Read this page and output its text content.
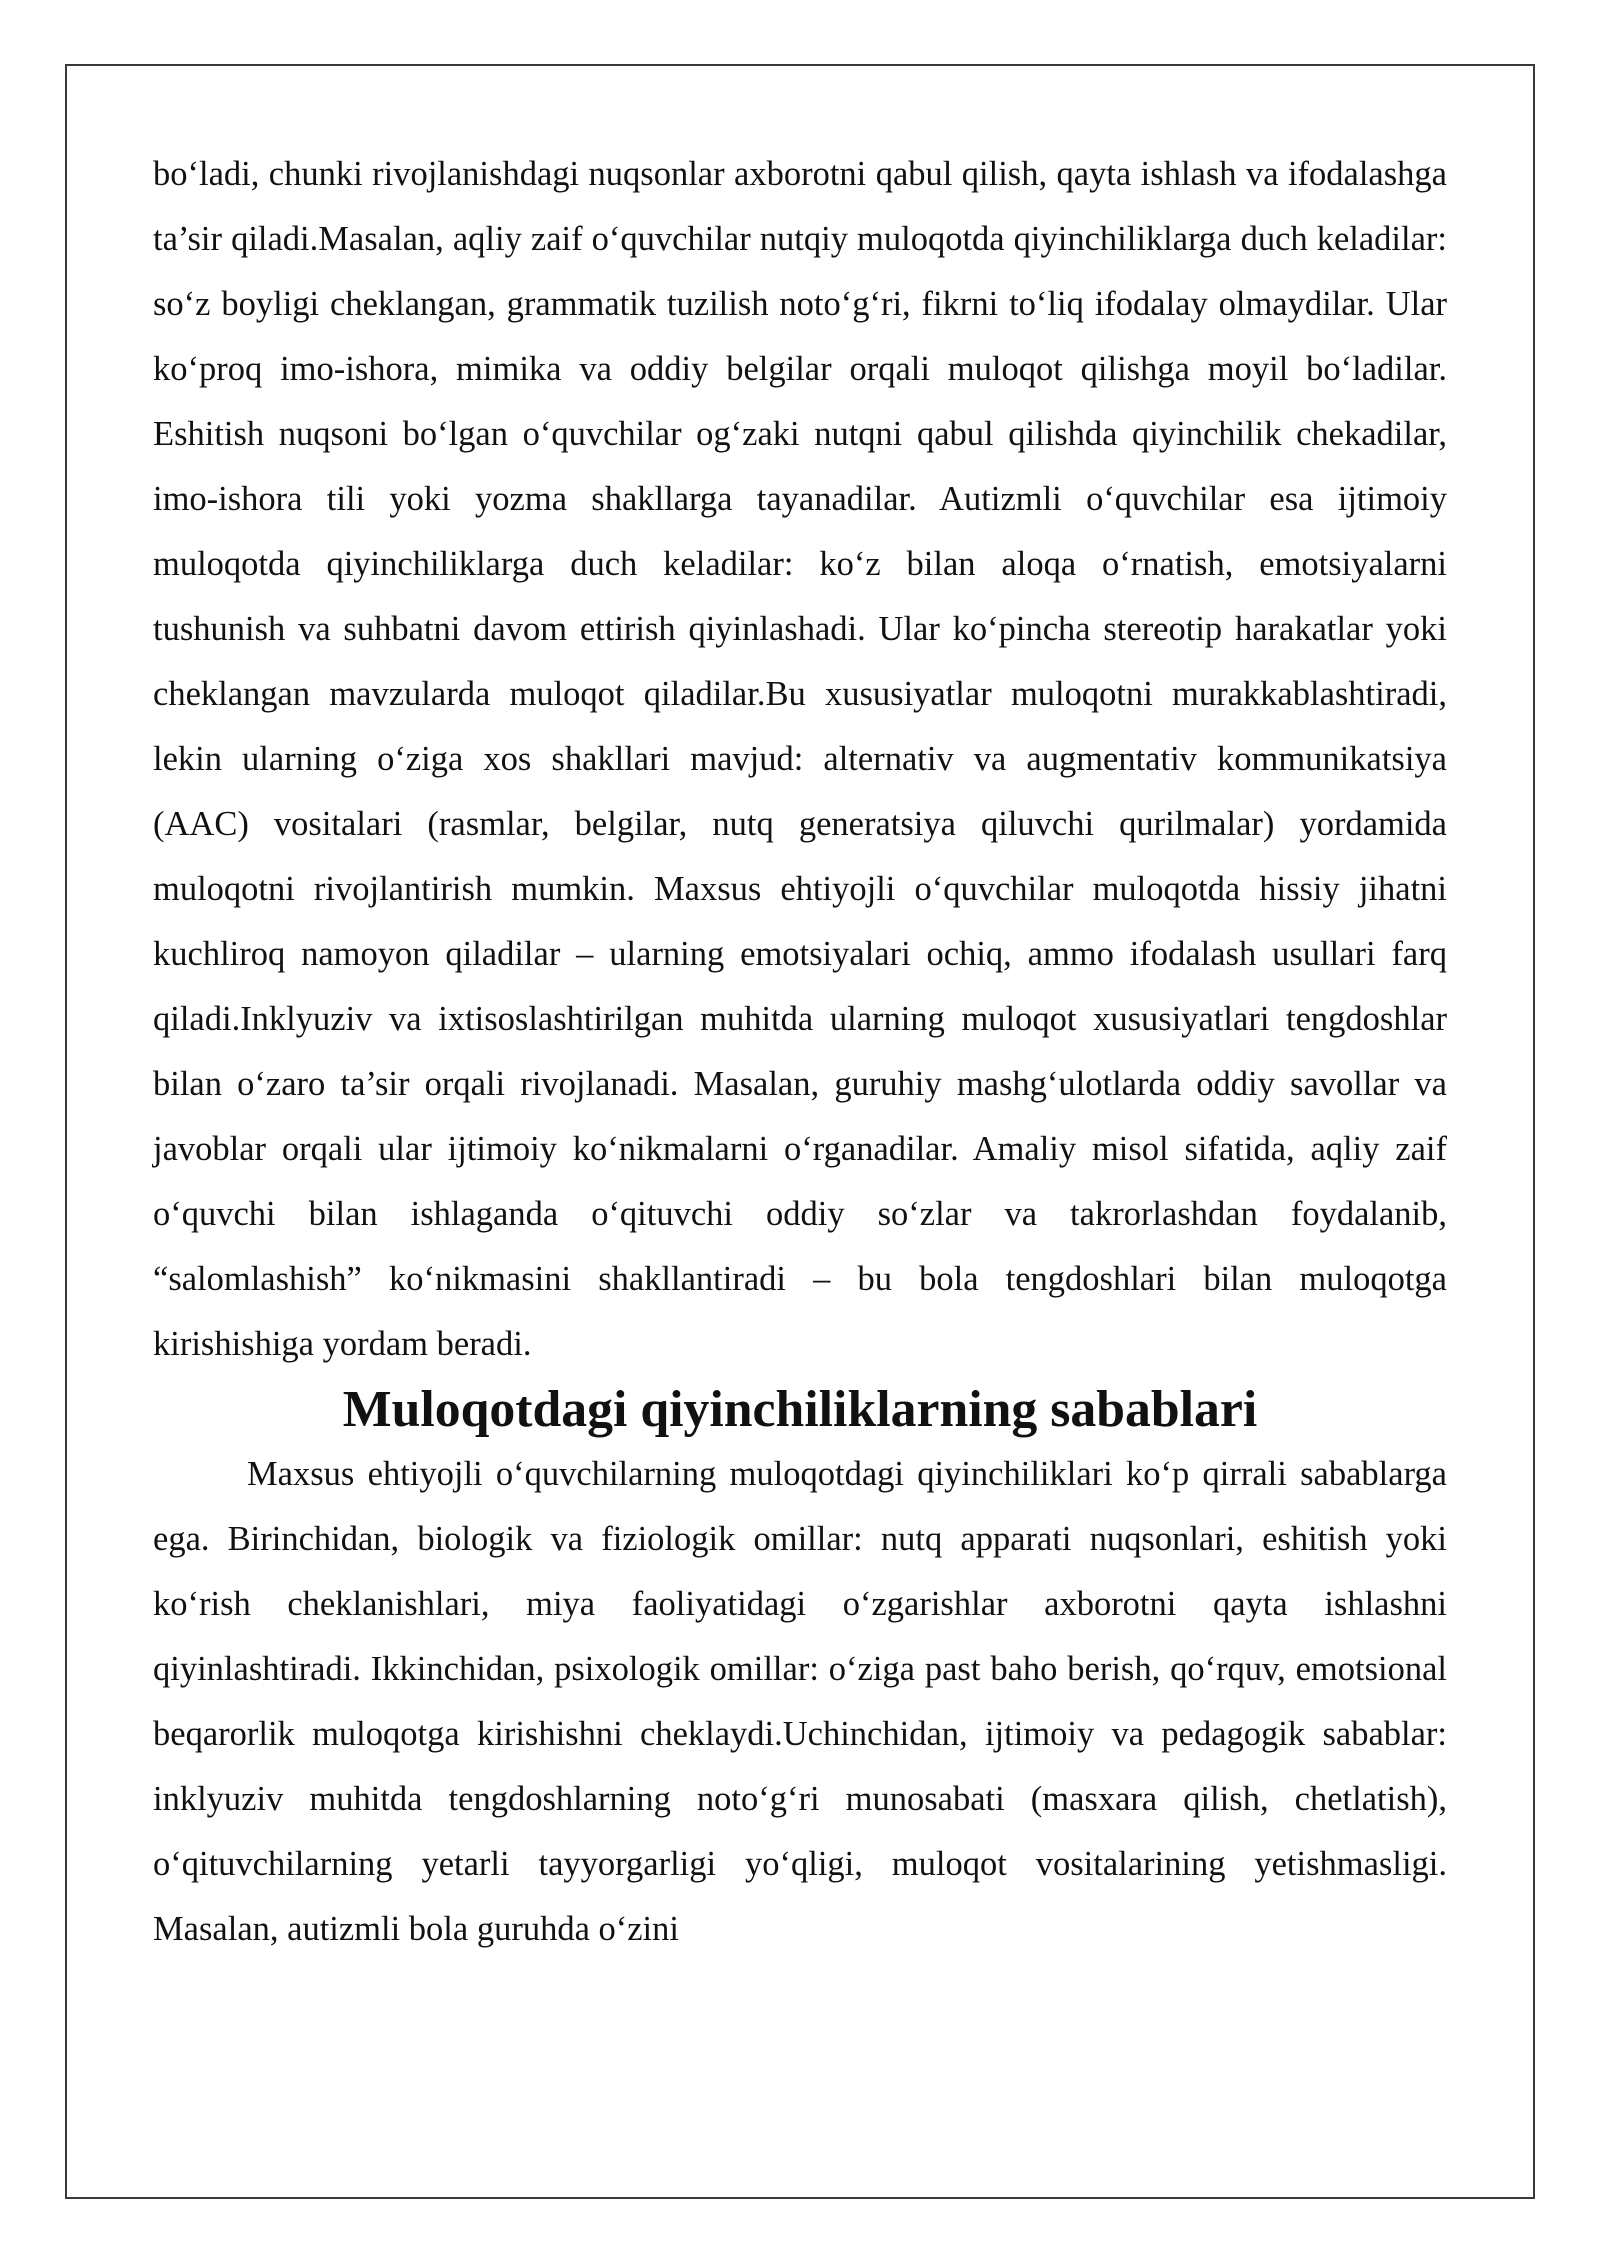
bo‘ladi, chunki rivojlanishdagi nuqsonlar axborotni qabul qilish, qayta ishlash va ifodalashga ta’sir qiladi.Masalan, aqliy zaif o‘quvchilar nutqiy muloqotda qiyinchiliklarga duch keladilar: so‘z boyligi cheklangan, grammatik tuzilish noto‘g‘ri, fikrni to‘liq ifodalay olmaydilar. Ular ko‘proq imo-ishora, mimika va oddiy belgilar orqali muloqot qilishga moyil bo‘ladilar. Eshitish nuqsoni bo‘lgan o‘quvchilar og‘zaki nutqni qabul qilishda qiyinchilik chekadilar, imo-ishora tili yoki yozma shakllarga tayanadilar. Autizmli o‘quvchilar esa ijtimoiy muloqotda qiyinchiliklarga duch keladilar: ko‘z bilan aloqa o‘rnatish, emotsiyalarni tushunish va suhbatni davom ettirish qiyinlashadi. Ular ko‘pincha stereotip harakatlar yoki cheklangan mavzularda muloqot qiladilar.Bu xususiyatlar muloqotni murakkablashtiradi, lekin ularning o‘ziga xos shakllari mavjud: alternativ va augmentativ kommunikatsiya (AAC) vositalari (rasmlar, belgilar, nutq generatsiya qiluvchi qurilmalar) yordamida muloqotni rivojlantirish mumkin. Maxsus ehtiyojli o‘quvchilar muloqotda hissiy jihatni kuchliroq namoyon qiladilar – ularning emotsiyalari ochiq, ammo ifodalash usullari farq qiladi.Inklyuziv va ixtisoslashtirilgan muhitda ularning muloqot xususiyatlari tengdoshlar bilan o‘zaro ta’sir orqali rivojlanadi. Masalan, guruhiy mashg‘ulotlarda oddiy savollar va javoblar orqali ular ijtimoiy ko‘nikmalarni o‘rganadilar. Amaliy misol sifatida, aqliy zaif o‘quvchi bilan ishlaganda o‘qituvchi oddiy so‘zlar va takrorlashdan foydalanib, “salomlashish” ko‘nikmasini shakllantiradi – bu bola tengdoshlari bilan muloqotga kirishishiga yordam beradi.

Muloqotdagi qiyinchiliklarning sabablari

Maxsus ehtiyojli o‘quvchilarning muloqotdagi qiyinchiliklari ko‘p qirrali sabablarga ega. Birinchidan, biologik va fiziologik omillar: nutq apparati nuqsonlari, eshitish yoki ko‘rish cheklanishlari, miya faoliyatidagi o‘zgarishlar axborotni qayta ishlashni qiyinlashtiradi. Ikkinchidan, psixologik omillar: o‘ziga past baho berish, qo‘rquv, emotsional beqarorlik muloqotga kirishishni cheklaydi.Uchinchidan, ijtimoiy va pedagogik sabablar: inklyuziv muhitda tengdoshlarning noto‘g‘ri munosabati (masxara qilish, chetlatish), o‘qituvchilarning yetarli tayyorgarligi yo‘qligi, muloqot vositalarining yetishmasligi. Masalan, autizmli bola guruhda o‘zini
